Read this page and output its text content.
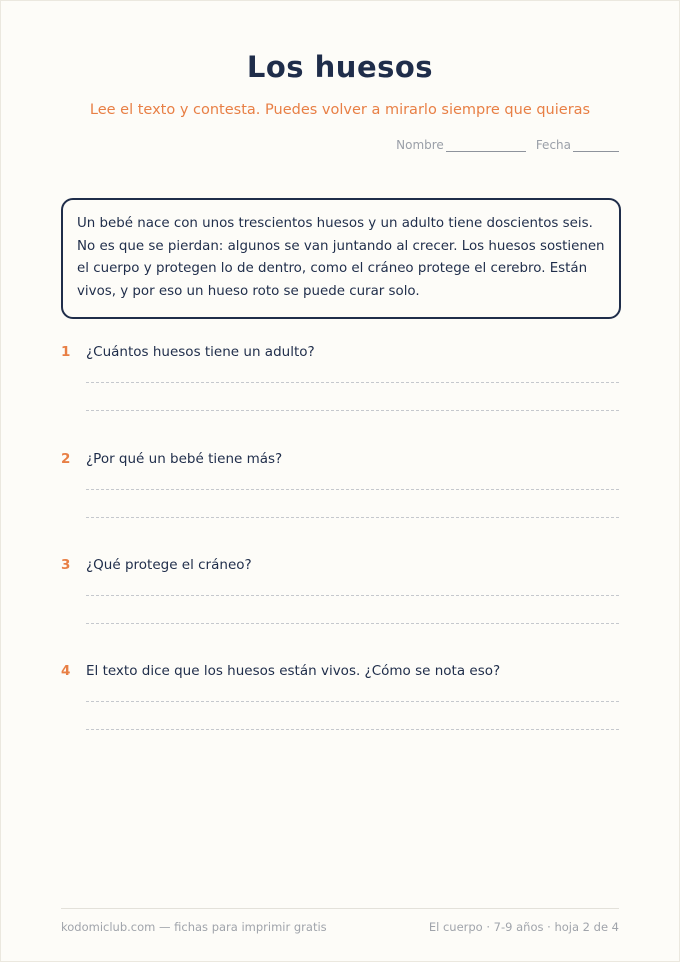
Los huesos
Lee el texto y contesta. Puedes volver a mirarlo siempre que quieras
Nombre	Fecha
Un bebé nace con unos trescientos huesos y un adulto tiene doscientos seis. No es que se pierdan: algunos se van juntando al crecer. Los huesos sostienen el cuerpo y protegen lo de dentro, como el cráneo protege el cerebro. Están vivos, y por eso un hueso roto se puede curar solo.
1	¿Cuántos huesos tiene un adulto?
2	¿Por qué un bebé tiene más?
3	¿Qué protege el cráneo?
4	El texto dice que los huesos están vivos. ¿Cómo se nota eso?
kodomiclub.com — fichas para imprimir gratis	El cuerpo · 7-9 años · hoja 2 de 4
